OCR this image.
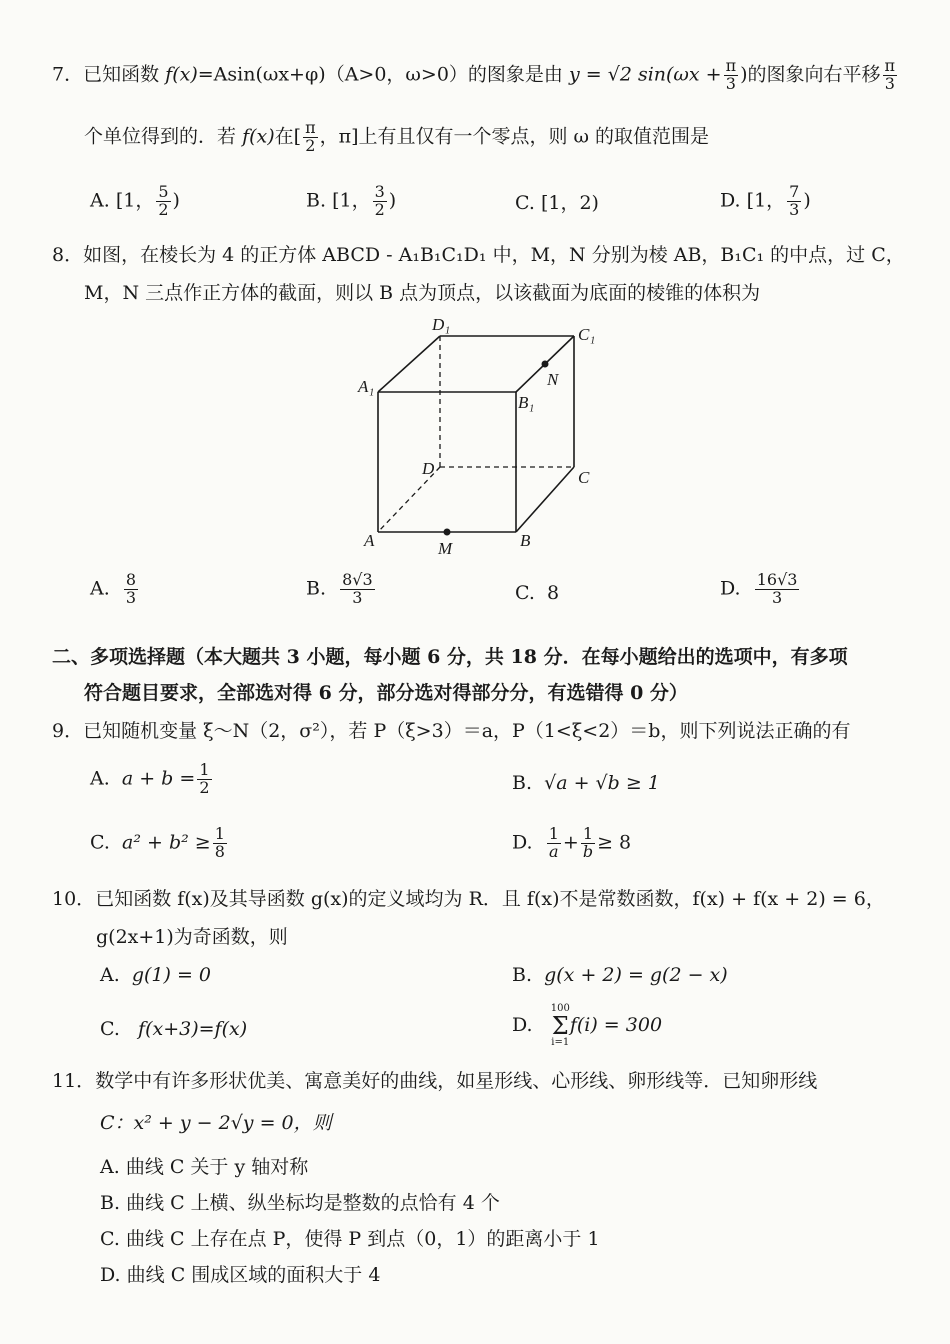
7．已知函数 f(x)=Asin(ωx+φ)（A>0，ω>0）的图象是由 y = √2 $\sin(\omega x + \frac{\pi}{3}$ )的图象向右平移 $\frac{\pi}{3}$
个单位得到的．若 f(x)在[ $\frac{\pi}{2}$ ，π]上有且仅有一个零点，则 ω 的取值范围是
A. [1， $\frac{5}{2}$ )	B. [1， $\frac{3}{2}$ )	C. [1，2)	D. [1， $\frac{7}{3}$ )
8．如图，在棱长为 4 的正方体 ABCD - A₁B₁C₁D₁ 中，M，N 分别为棱 AB，B₁C₁ 的中点，过 C，
M，N 三点作正方体的截面，则以 B 点为顶点，以该截面为底面的棱锥的体积为
D₁
C₁
A₁
B₁
N
D	C
A	M	B
A. $\frac{8}{3}$	B. $\frac{8√3}{3}$	C. 8	D. $\frac{16√3}{3}$
二、多项选择题（本大题共 3 小题，每小题 6 分，共 18 分．在每小题给出的选项中，有多项
符合题目要求，全部选对得 6 分，部分选对得部分分，有选错得 0 分）
9．已知随机变量 ξ～N（2，σ²），若 P（ξ>3）＝a，P（1<ξ<2）＝b，则下列说法正确的有
A. $a + b = \frac{1}{2}$	B. √a + √b ≥ 1
C. $a^2 + b^2 \ge \frac{1}{8}$	D. $\frac{1}{a} + \frac{1}{b} \ge 8$
10．已知函数 f(x)及其导函数 g(x)的定义域均为 R．且 f(x)不是常数函数，f(x) + f(x + 2) = 6，
g(2x+1)为奇函数，则
A. g(1) = 0	B. g(x + 2) = g(2 − x)
C. f(x+3)=f(x)	D.
100
Σ
i=1
f(i) = 300
11．数学中有许多形状优美、寓意美好的曲线，如星形线、心形线、卵形线等．已知卵形线
C：x² + y − 2√y = 0，则
A. 曲线 C 关于 y 轴对称
B. 曲线 C 上横、纵坐标均是整数的点恰有 4 个
C. 曲线 C 上存在点 P，使得 P 到点（0，1）的距离小于 1
D. 曲线 C 围成区域的面积大于 4
